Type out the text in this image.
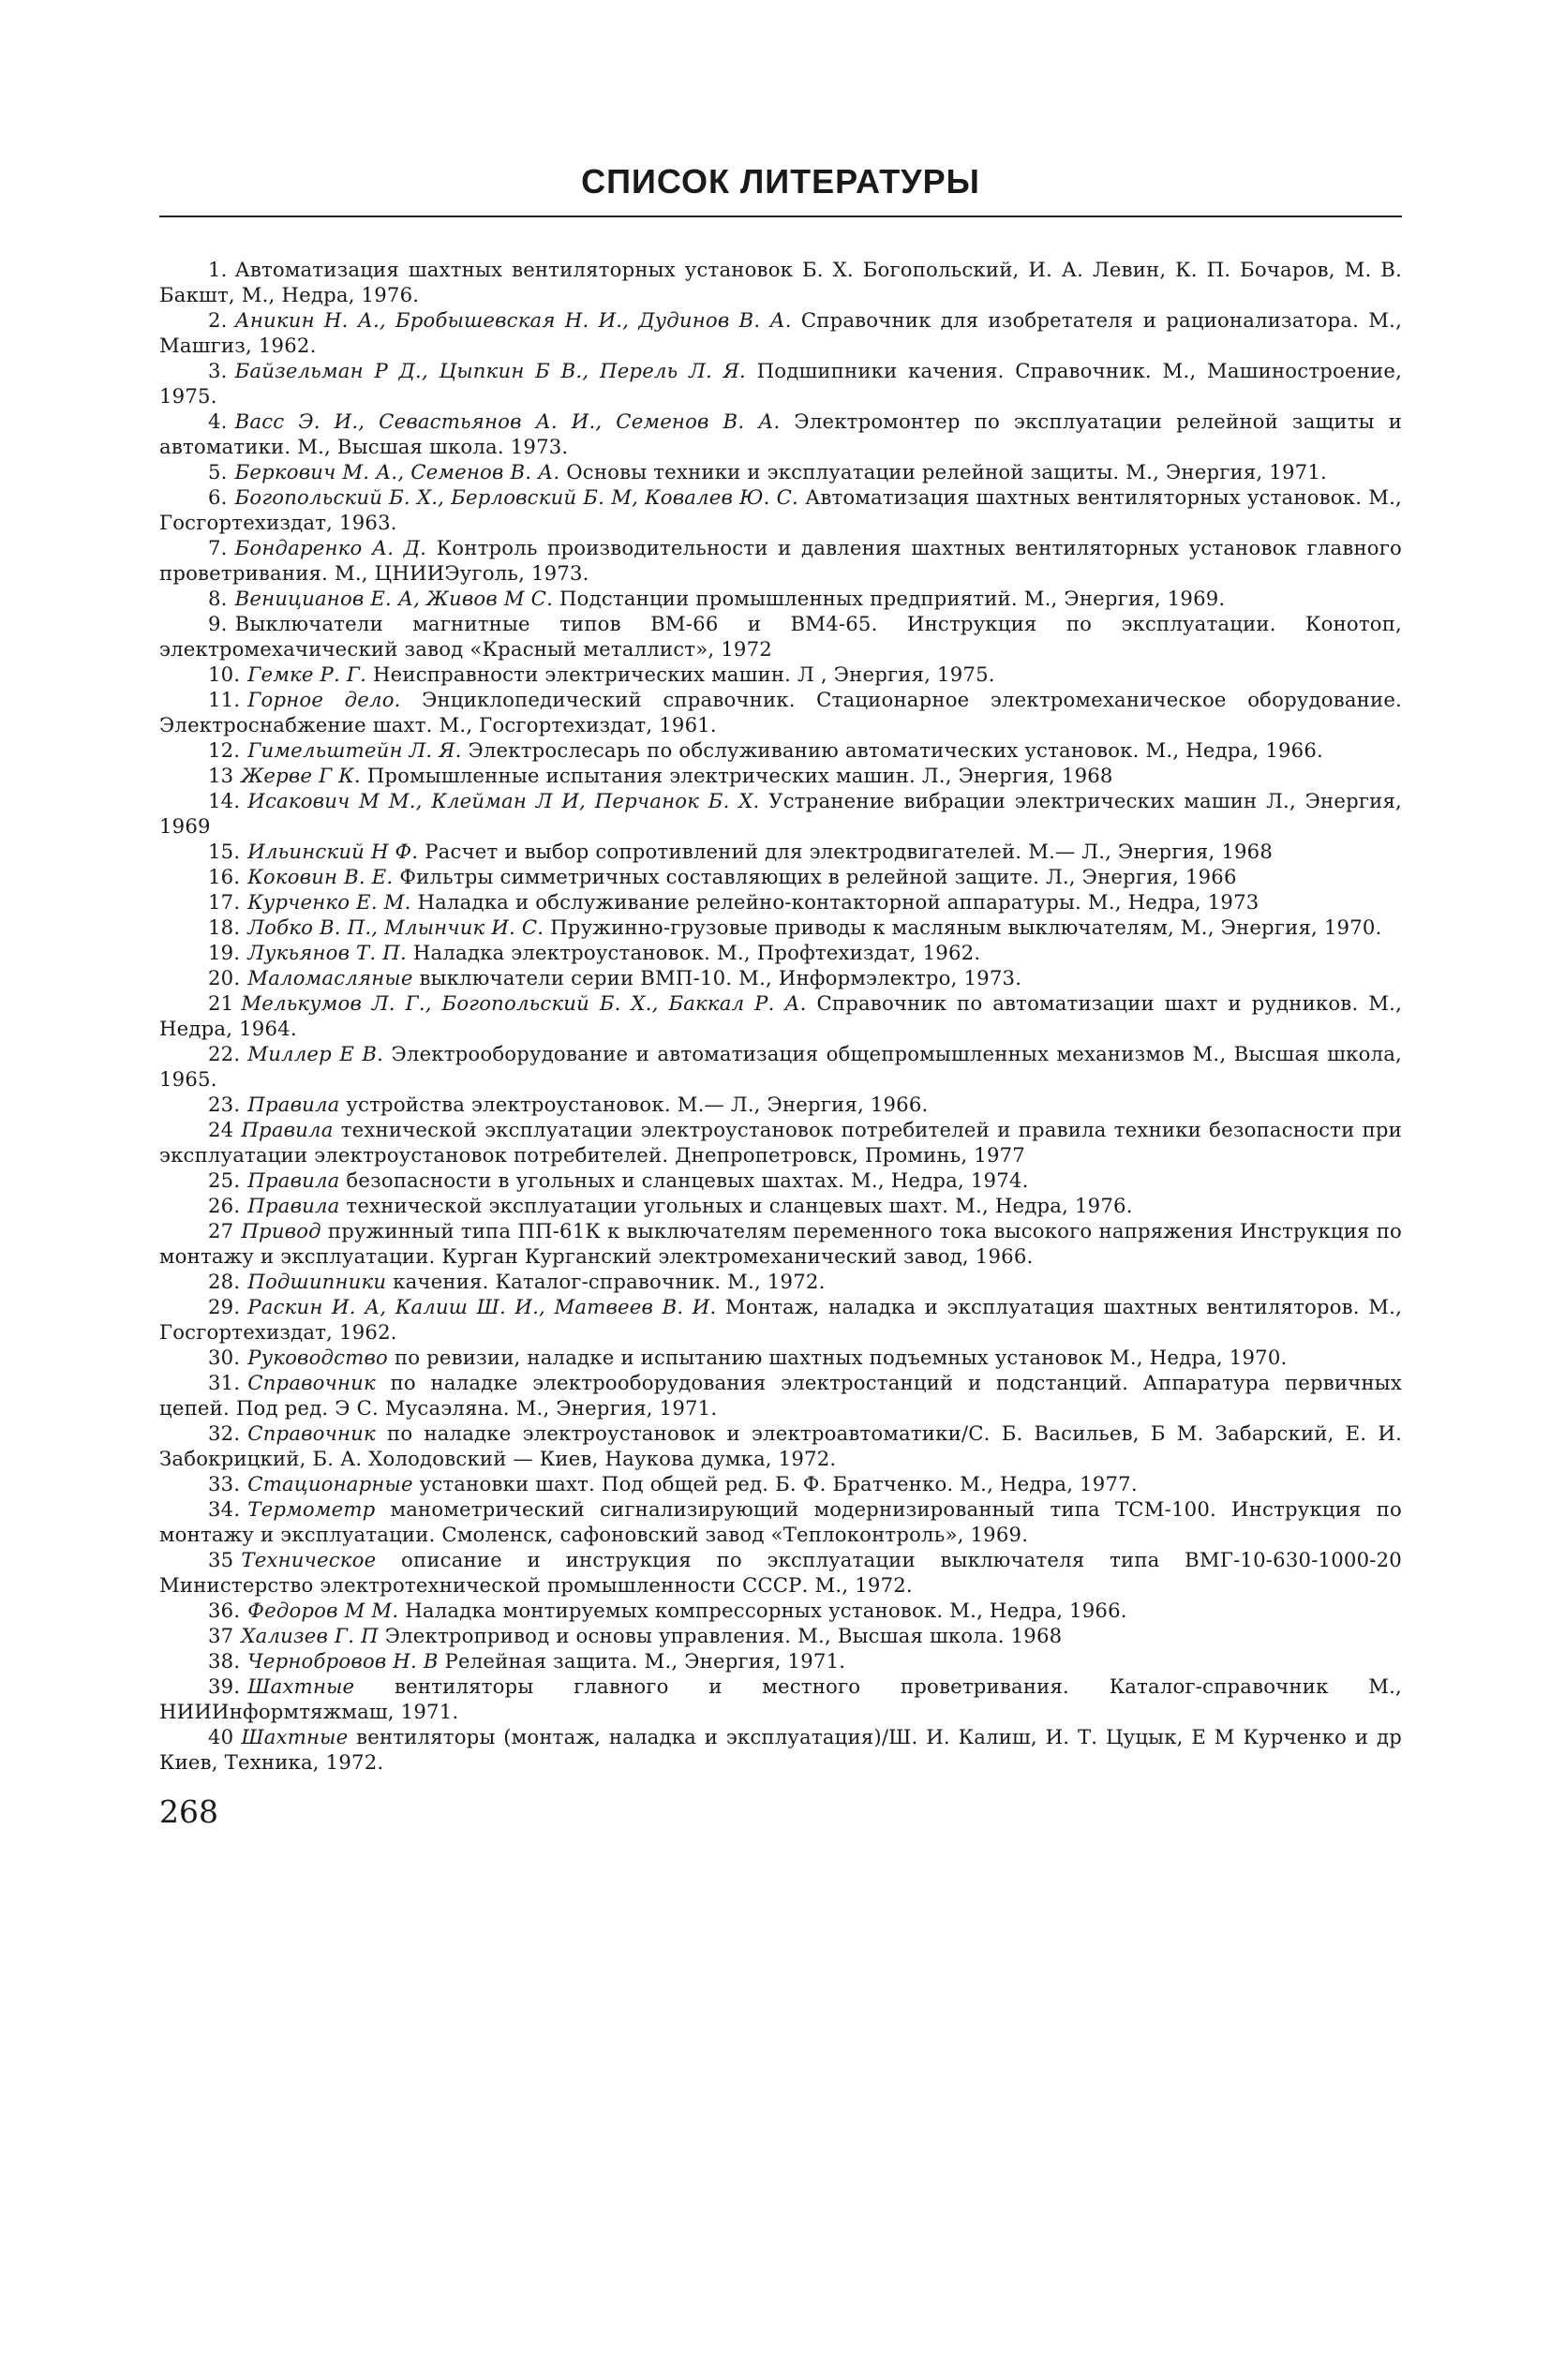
СПИСОК ЛИТЕРАТУРЫ
1. Автоматизация шахтных вентиляторных установок Б. Х. Богопольский, И. А. Левин, К. П. Бочаров, М. В. Бакшт, М., Недра, 1976.
2. Аникин Н. А., Бробышевская Н. И., Дудинов В. А. Справочник для изобретателя и рационализатора. М., Машгиз, 1962.
3. Байзельман Р Д., Цыпкин Б В., Перель Л. Я. Подшипники качения. Справочник. М., Машиностроение, 1975.
4. Васс Э. И., Севастьянов А. И., Семенов В. А. Электромонтер по эксплуатации релейной защиты и автоматики. М., Высшая школа. 1973.
5. Беркович М. А., Семенов В. А. Основы техники и эксплуатации релейной защиты. М., Энергия, 1971.
6. Богопольский Б. Х., Берловский Б. М, Ковалев Ю. С. Автоматизация шахтных вентиляторных установок. М., Госгортехиздат, 1963.
7. Бондаренко А. Д. Контроль производительности и давления шахтных вентиляторных установок главного проветривания. М., ЦНИИЭуголь, 1973.
8. Веницианов Е. А, Живов М С. Подстанции промышленных предприятий. М., Энергия, 1969.
9. Выключатели магнитные типов ВМ-66 и ВМ4-65. Инструкция по эксплуатации. Конотоп, электромехачический завод «Красный металлист», 1972
10. Гемке Р. Г. Неисправности электрических машин. Л , Энергия, 1975.
11. Горное дело. Энциклопедический справочник. Стационарное электромеханическое оборудование. Электроснабжение шахт. М., Госгортехиздат, 1961.
12. Гимельштейн Л. Я. Электрослесарь по обслуживанию автоматических установок. М., Недра, 1966.
13 Жерве Г К. Промышленные испытания электрических машин. Л., Энергия, 1968
14. Исакович М М., Клейман Л И, Перчанок Б. Х. Устранение вибрации электрических машин Л., Энергия, 1969
15. Ильинский Н Ф. Расчет и выбор сопротивлений для электродвигателей. М.— Л., Энергия, 1968
16. Коковин В. Е. Фильтры симметричных составляющих в релейной защите. Л., Энергия, 1966
17. Курченко Е. М. Наладка и обслуживание релейно-контакторной аппаратуры. М., Недра, 1973
18. Лобко В. П., Млынчик И. С. Пружинно-грузовые приводы к масляным выключателям, М., Энергия, 1970.
19. Лукьянов Т. П. Наладка электроустановок. М., Профтехиздат, 1962.
20. Маломасляные выключатели серии ВМП-10. М., Информэлектро, 1973.
21 Мелькумов Л. Г., Богопольский Б. Х., Баккал Р. А. Справочник по автоматизации шахт и рудников. М., Недра, 1964.
22. Миллер Е В. Электрооборудование и автоматизация общепромышленных механизмов М., Высшая школа, 1965.
23. Правила устройства электроустановок. М.— Л., Энергия, 1966.
24 Правила технической эксплуатации электроустановок потребителей и правила техники безопасности при эксплуатации электроустановок потребителей. Днепропетровск, Проминь, 1977
25. Правила безопасности в угольных и сланцевых шахтах. М., Недра, 1974.
26. Правила технической эксплуатации угольных и сланцевых шахт. М., Недра, 1976.
27 Привод пружинный типа ПП-61К к выключателям переменного тока высокого напряжения Инструкция по монтажу и эксплуатации. Курган Курганский электромеханический завод, 1966.
28. Подшипники качения. Каталог-справочник. М., 1972.
29. Раскин И. А, Калиш Ш. И., Матвеев В. И. Монтаж, наладка и эксплуатация шахтных вентиляторов. М., Госгортехиздат, 1962.
30. Руководство по ревизии, наладке и испытанию шахтных подъемных установок М., Недра, 1970.
31. Справочник по наладке электрооборудования электростанций и подстанций. Аппаратура первичных цепей. Под ред. Э С. Мусаэляна. М., Энергия, 1971.
32. Справочник по наладке электроустановок и электроавтоматики/С. Б. Васильев, Б М. Забарский, Е. И. Забокрицкий, Б. А. Холодовский — Киев, Наукова думка, 1972.
33. Стационарные установки шахт. Под общей ред. Б. Ф. Братченко. М., Недра, 1977.
34. Термометр манометрический сигнализирующий модернизированный типа ТСМ-100. Инструкция по монтажу и эксплуатации. Смоленск, сафоновский завод «Теплоконтроль», 1969.
35 Техническое описание и инструкция по эксплуатации выключателя типа ВМГ-10-630-1000-20 Министерство электротехнической промышленности СССР. М., 1972.
36. Федоров М М. Наладка монтируемых компрессорных установок. М., Недра, 1966.
37 Хализев Г. П Электропривод и основы управления. М., Высшая школа. 1968
38. Чернобровов Н. В Релейная защита. М., Энергия, 1971.
39. Шахтные вентиляторы главного и местного проветривания. Каталог-справочник М., НИИИнформтяжмаш, 1971.
40 Шахтные вентиляторы (монтаж, наладка и эксплуатация)/Ш. И. Калиш, И. Т. Цуцык, Е М Курченко и др Киев, Техника, 1972.
268
